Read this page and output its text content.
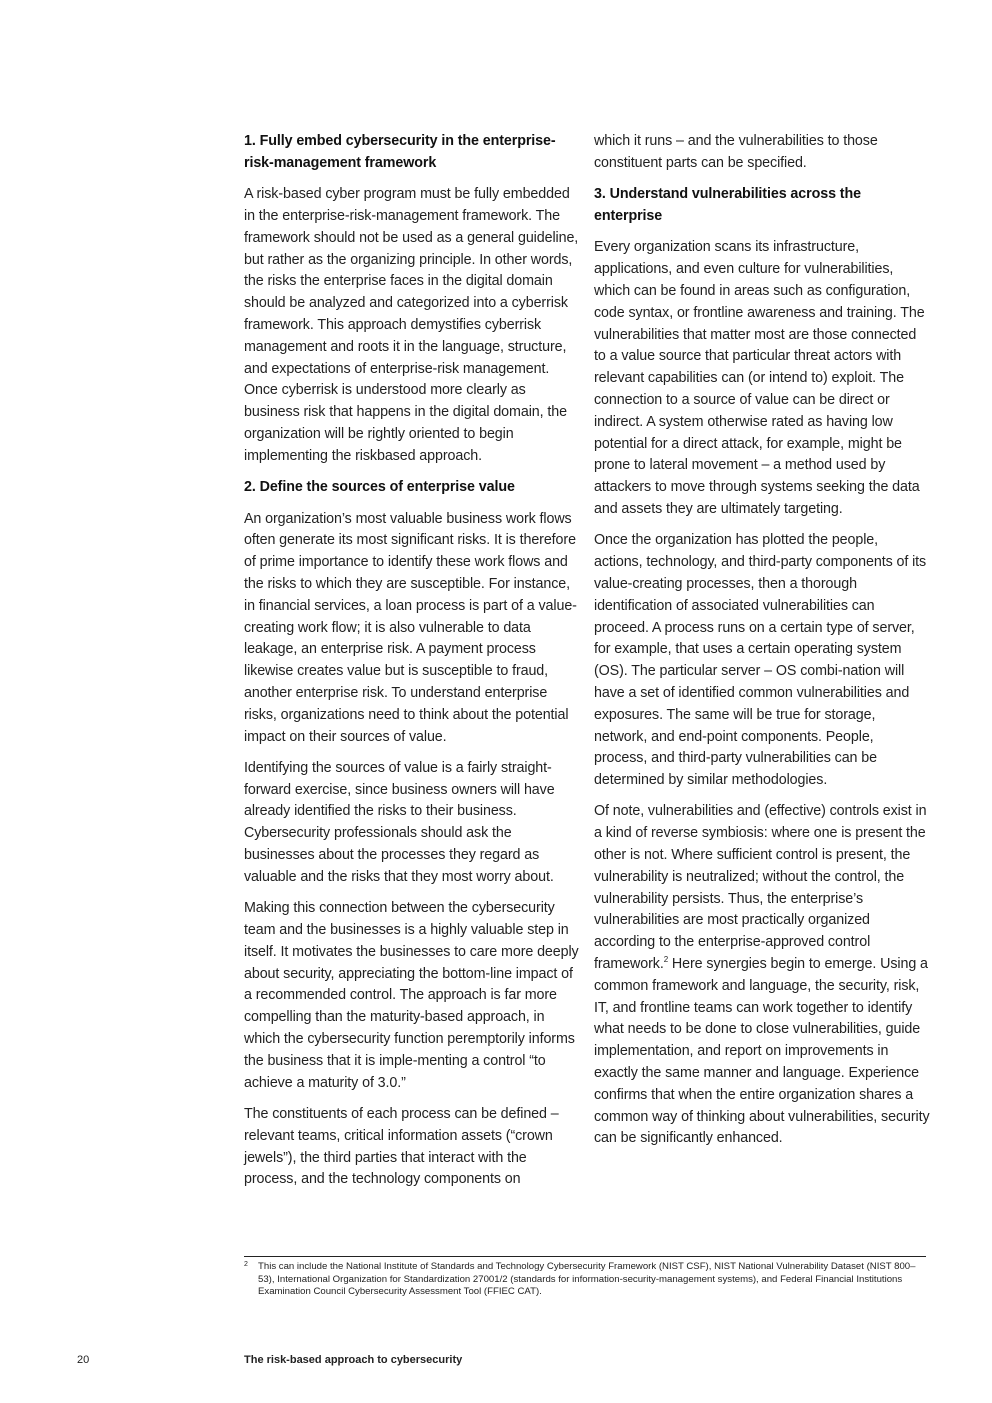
1. Fully embed cybersecurity in the enterprise-risk-management framework

A risk-based cyber program must be fully embedded in the enterprise-risk-management framework. The framework should not be used as a general guideline, but rather as the organizing principle. In other words, the risks the enterprise faces in the digital domain should be analyzed and categorized into a cyberrisk framework. This approach demystifies cyberrisk management and roots it in the language, structure, and expectations of enterprise-risk management. Once cyberrisk is understood more clearly as business risk that happens in the digital domain, the organization will be rightly oriented to begin implementing the riskbased approach.

2. Define the sources of enterprise value

An organization’s most valuable business work flows often generate its most significant risks. It is therefore of prime importance to identify these work flows and the risks to which they are susceptible. For instance, in financial services, a loan process is part of a value-creating work flow; it is also vulnerable to data leakage, an enterprise risk. A payment process likewise creates value but is susceptible to fraud, another enterprise risk. To understand enterprise risks, organizations need to think about the potential impact on their sources of value.

Identifying the sources of value is a fairly straight-forward exercise, since business owners will have already identified the risks to their business. Cybersecurity professionals should ask the businesses about the processes they regard as valuable and the risks that they most worry about.

Making this connection between the cybersecurity team and the businesses is a highly valuable step in itself. It motivates the businesses to care more deeply about security, appreciating the bottom-line impact of a recommended control. The approach is far more compelling than the maturity-based approach, in which the cybersecurity function peremptorily informs the business that it is imple-menting a control “to achieve a maturity of 3.0.”

The constituents of each process can be defined – relevant teams, critical information assets (“crown jewels”), the third parties that interact with the process, and the technology components on

which it runs – and the vulnerabilities to those constituent parts can be specified.

3. Understand vulnerabilities across the enterprise

Every organization scans its infrastructure, applications, and even culture for vulnerabilities, which can be found in areas such as configuration, code syntax, or frontline awareness and training. The vulnerabilities that matter most are those connected to a value source that particular threat actors with relevant capabilities can (or intend to) exploit. The connection to a source of value can be direct or indirect. A system otherwise rated as having low potential for a direct attack, for example, might be prone to lateral movement – a method used by attackers to move through systems seeking the data and assets they are ultimately targeting.

Once the organization has plotted the people, actions, technology, and third-party components of its value-creating processes, then a thorough identification of associated vulnerabilities can proceed. A process runs on a certain type of server, for example, that uses a certain operating system (OS). The particular server – OS combi-nation will have a set of identified common vulnerabilities and exposures. The same will be true for storage, network, and end-point components. People, process, and third-party vulnerabilities can be determined by similar methodologies.

Of note, vulnerabilities and (effective) controls exist in a kind of reverse symbiosis: where one is present the other is not. Where sufficient control is present, the vulnerability is neutralized; without the control, the vulnerability persists. Thus, the enterprise’s vulnerabilities are most practically organized according to the enterprise-approved control framework.$^2$ Here synergies begin to emerge. Using a common framework and language, the security, risk, IT, and frontline teams can work together to identify what needs to be done to close vulnerabilities, guide implementation, and report on improvements in exactly the same manner and language. Experience confirms that when the entire organization shares a common way of thinking about vulnerabilities, security can be significantly enhanced.

2 This can include the National Institute of Standards and Technology Cybersecurity Framework (NIST CSF), NIST National Vulnerability Dataset (NIST 800–53), International Organization for Standardization 27001/2 (standards for information-security-management systems), and Federal Financial Institutions Examination Council Cybersecurity Assessment Tool (FFIEC CAT).
20	The risk-based approach to cybersecurity
